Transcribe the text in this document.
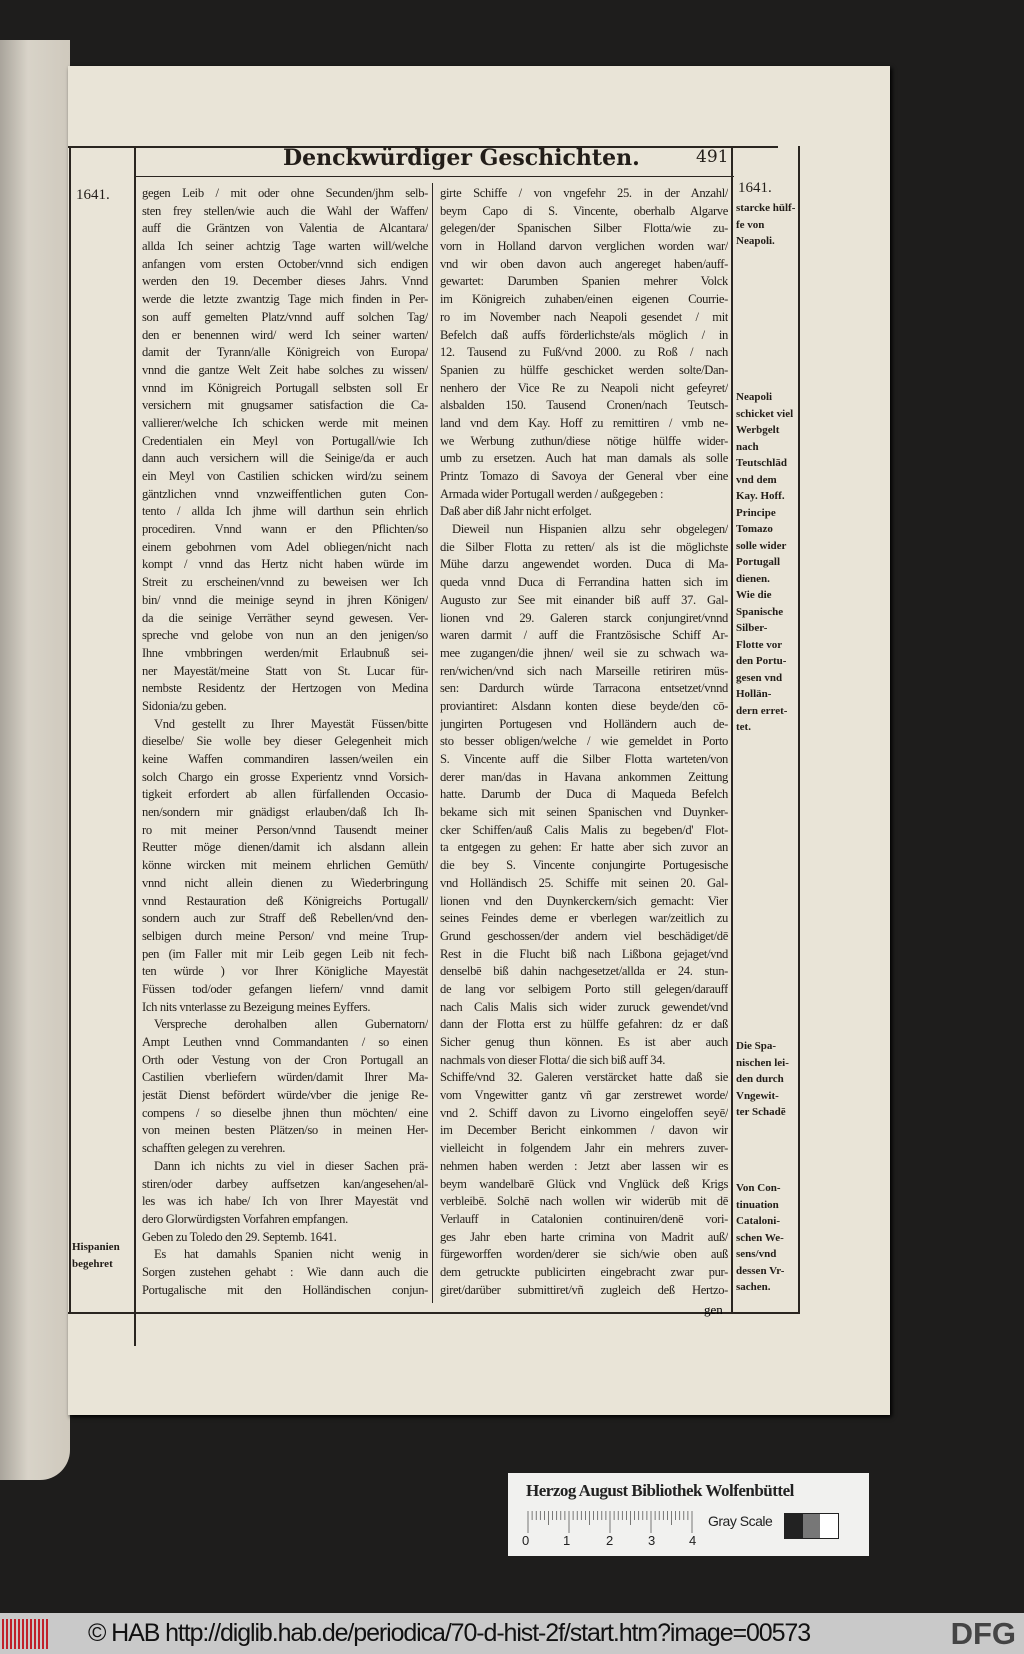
Denckwürdiger Geschichten.	491
gegen Leib / mit oder ohne Secunden/jhm selb-
sten frey stellen/wie auch die Wahl der Waffen/
auff die Gräntzen von Valentia de Alcantara/
allda Ich seiner achtzig Tage warten will/welche
anfangen vom ersten October/vnnd sich endigen
werden den 19. December dieses Jahrs. Vnnd
werde die letzte zwantzig Tage mich finden in Per-
son auff gemelten Platz/vnnd auff solchen Tag/
den er benennen wird/ werd Ich seiner warten/
damit der Tyrann/alle Königreich von Europa/
vnnd die gantze Welt Zeit habe solches zu wissen/
vnnd im Königreich Portugall selbsten soll Er
versichern mit gnugsamer satisfaction die Ca-
vallierer/welche Ich schicken werde mit meinen
Credentialen ein Meyl von Portugall/wie Ich
dann auch versichern will die Seinige/da er auch
ein Meyl von Castilien schicken wird/zu seinem
gäntzlichen vnnd vnzweiffentlichen guten Con-
tento / allda Ich jhme will darthun sein ehrlich
procediren. Vnnd wann er den Pflichten/so
einem gebohrnen vom Adel obliegen/nicht nach
kompt / vnnd das Hertz nicht haben würde im
Streit zu erscheinen/vnnd zu beweisen wer Ich
bin/ vnnd die meinige seynd in jhren Königen/
da die seinige Verräther seynd gewesen. Ver-
spreche vnd gelobe von nun an den jenigen/so
Ihne vmbbringen werden/mit Erlaubnuß sei-
ner Mayestät/meine Statt von St. Lucar für-
nembste Residentz der Hertzogen von Medina
Sidonia/zu geben.
Vnd gestellt zu Ihrer Mayestät Füssen/bitte
dieselbe/ Sie wolle bey dieser Gelegenheit mich
keine Waffen commandiren lassen/weilen ein
solch Chargo ein grosse Experientz vnnd Vorsich-
tigkeit erfordert ab allen fürfallenden Occasio-
nen/sondern mir gnädigst erlauben/daß Ich Ih-
ro mit meiner Person/vnnd Tausendt meiner
Reutter möge dienen/damit ich alsdann allein
könne wircken mit meinem ehrlichen Gemüth/
vnnd nicht allein dienen zu Wiederbringung
vnnd Restauration deß Königreichs Portugall/
sondern auch zur Straff deß Rebellen/vnd den-
selbigen durch meine Person/ vnd meine Trup-
pen (im Faller mit mir Leib gegen Leib nit fech-
ten würde ) vor Ihrer Königliche Mayestät
Füssen tod/oder gefangen liefern/ vnnd damit
Ich nits vnterlasse zu Bezeigung meines Eyffers.
Verspreche derohalben allen Gubernatorn/
Ampt Leuthen vnnd Commandanten / so einen
Orth oder Vestung von der Cron Portugall an
Castilien vberliefern würden/damit Ihrer Ma-
jestät Dienst befördert würde/vber die jenige Re-
compens / so dieselbe jhnen thun möchten/ eine
von meinen besten Plätzen/so in meinen Her-
schafften gelegen zu verehren.
Dann ich nichts zu viel in dieser Sachen prä-
stiren/oder darbey auffsetzen kan/angesehen/al-
les was ich habe/ Ich von Ihrer Mayestät vnd
dero Glorwürdigsten Vorfahren empfangen.
Geben zu Toledo den 29. Septemb. 1641.
Es hat damahls Spanien nicht wenig in
Sorgen zustehen gehabt : Wie dann auch die
Portugalische mit den Holländischen conjun-
girte Schiffe / von vngefehr 25. in der Anzahl/
beym Capo di S. Vincente, oberhalb Algarve
gelegen/der Spanischen Silber Flotta/wie zu-
vorn in Holland darvon verglichen worden war/
vnd wir oben davon auch angereget haben/auff-
gewartet: Darumben Spanien mehrer Volck
im Königreich zuhaben/einen eigenen Courrie-
ro im November nach Neapoli gesendet / mit
Befelch daß auffs förderlichste/als möglich / in
12. Tausend zu Fuß/vnd 2000. zu Roß / nach
Spanien zu hülffe geschicket werden solte/Dan-
nenhero der Vice Re zu Neapoli nicht gefeyret/
alsbalden 150. Tausend Cronen/nach Teutsch-
land vnd dem Kay. Hoff zu remittiren / vmb ne-
we Werbung zuthun/diese nötige hülffe wider-
umb zu ersetzen. Auch hat man damals als solle
Printz Tomazo di Savoya der General vber eine
Armada wider Portugall werden / außgegeben :
Daß aber diß Jahr nicht erfolget.
Dieweil nun Hispanien allzu sehr obgelegen/
die Silber Flotta zu retten/ als ist die möglichste
Mühe darzu angewendet worden. Duca di Ma-
queda vnnd Duca di Ferrandina hatten sich im
Augusto zur See mit einander biß auff 37. Gal-
lionen vnd 29. Galeren starck conjungiret/vnnd
waren darmit / auff die Frantzösische Schiff Ar-
mee zugangen/die jhnen/ weil sie zu schwach wa-
ren/wichen/vnd sich nach Marseille retiriren müs-
sen: Dardurch würde Tarracona entsetzet/vnnd
proviantiret: Alsdann konten diese beyde/den cō-
jungirten Portugesen vnd Holländern auch de-
sto besser obligen/welche / wie gemeldet in Porto
S. Vincente auff die Silber Flotta warteten/von
derer man/das in Havana ankommen Zeittung
hatte. Darumb der Duca di Maqueda Befelch
bekame sich mit seinen Spanischen vnd Duynker-
cker Schiffen/auß Calis Malis zu begeben/d' Flot-
ta entgegen zu gehen: Er hatte aber sich zuvor an
die bey S. Vincente conjungirte Portugesische
vnd Holländisch 25. Schiffe mit seinen 20. Gal-
lionen vnd den Duynkerckern/sich gemacht: Vier
seines Feindes deme er vberlegen war/zeitlich zu
Grund geschossen/der andern viel beschädiget/dē
Rest in die Flucht biß nach Lißbona gejaget/vnd
denselbē biß dahin nachgesetzet/allda er 24. stun-
de lang vor selbigem Porto still gelegen/darauff
nach Calis Malis sich wider zuruck gewendet/vnd
dann der Flotta erst zu hülffe gefahren: dz er daß
Sicher genug thun können. Es ist aber auch
nachmals von dieser Flotta/ die sich biß auff 34.
Schiffe/vnd 32. Galeren verstärcket hatte daß sie
vom Vngewitter gantz vñ gar zerstrewet worde/
vnd 2. Schiff davon zu Livorno eingeloffen seyē/
im December Bericht einkommen / davon wir
vielleicht in folgendem Jahr ein mehrers zuver-
nehmen haben werden : Jetzt aber lassen wir es
beym wandelbarē Glück vnd Vnglück deß Krigs
verbleibē. Solchē nach wollen wir widerūb mit dē
Verlauff in Catalonien continuiren/denē vori-
ges Jahr eben harte crimina von Madrit auß/
fürgeworffen worden/derer sie sich/wie oben auß
dem getruckte publicirten eingebracht zwar pur-
giret/darüber submittiret/vñ zugleich deß Hertzo-
1641.
Hispanien
begehret
1641.
starcke hülf-
fe von
Neapoli.
Neapoli
schicket viel
Werbgelt
nach
Teutschlād
vnd dem
Kay. Hoff.
Principe
Tomazo
solle wider
Portugall
dienen.
Wie die
Spanische
Silber-
Flotte vor
den Portu-
gesen vnd
Hollän-
dern erret-
tet.
Die Spa-
nischen lei-
den durch
Vngewit-
ter Schadē
Von Con-
tinuation
Cataloni-
schen We-
sens/vnd
dessen Vr-
sachen.
gen
Herzog August Bibliothek Wolfenbüttel
0	1	2	3	4
Gray Scale
© HAB http://diglib.hab.de/periodica/70-d-hist-2f/start.htm?image=00573	DFG
